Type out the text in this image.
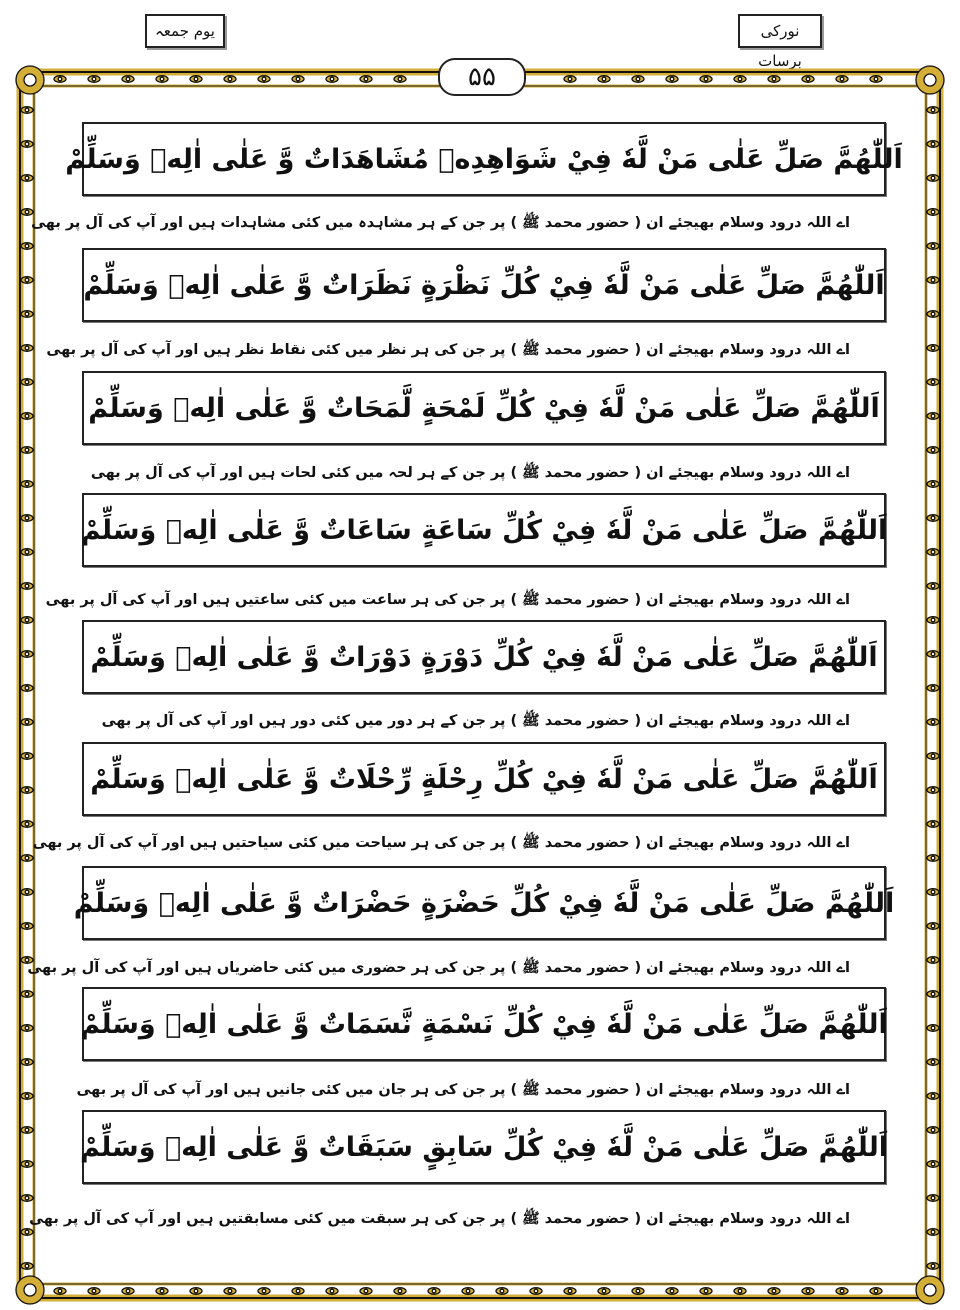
یوم جمعہ	نورکی برسات
۵۵
اَللّٰهُمَّ صَلِّ عَلٰى مَنْ لَّهٗ فِيْ شَوَاهِدِهٖ مُشَاهَدَاتٌ وَّ عَلٰى اٰلِهٖ وَسَلِّمْ
اے اللہ درود وسلام بھیجئے ان ( حضور محمد ﷺ ) پر جن کے ہر مشاہدہ میں کئی مشاہدات ہیں اور آپ کی آل پر بھی
اَللّٰهُمَّ صَلِّ عَلٰى مَنْ لَّهٗ فِيْ كُلِّ نَظْرَةٍ نَظَرَاتٌ وَّ عَلٰى اٰلِهٖ وَسَلِّمْ
اے اللہ درود وسلام بھیجئے ان ( حضور محمد ﷺ ) پر جن کی ہر نظر میں کئی نقاط نظر ہیں اور آپ کی آل پر بھی
اَللّٰهُمَّ صَلِّ عَلٰى مَنْ لَّهٗ فِيْ كُلِّ لَمْحَةٍ لَّمَحَاتٌ وَّ عَلٰى اٰلِهٖ وَسَلِّمْ
اے اللہ درود وسلام بھیجئے ان ( حضور محمد ﷺ ) پر جن کے ہر لحہ میں کئی لحات ہیں اور آپ کی آل پر بھی
اَللّٰهُمَّ صَلِّ عَلٰى مَنْ لَّهٗ فِيْ كُلِّ سَاعَةٍ سَاعَاتٌ وَّ عَلٰى اٰلِهٖ وَسَلِّمْ
اے اللہ درود وسلام بھیجئے ان ( حضور محمد ﷺ ) پر جن کی ہر ساعت میں کئی ساعتیں ہیں اور آپ کی آل پر بھی
اَللّٰهُمَّ صَلِّ عَلٰى مَنْ لَّهٗ فِيْ كُلِّ دَوْرَةٍ دَوْرَاتٌ وَّ عَلٰى اٰلِهٖ وَسَلِّمْ
اے اللہ درود وسلام بھیجئے ان ( حضور محمد ﷺ ) پر جن کے ہر دور میں کئی دور ہیں اور آپ کی آل پر بھی
اَللّٰهُمَّ صَلِّ عَلٰى مَنْ لَّهٗ فِيْ كُلِّ رِحْلَةٍ رِّحْلَاتٌ وَّ عَلٰى اٰلِهٖ وَسَلِّمْ
اے اللہ درود وسلام بھیجئے ان ( حضور محمد ﷺ ) پر جن کی ہر سیاحت میں کئی سیاحتیں ہیں اور آپ کی آل پر بھی
اَللّٰهُمَّ صَلِّ عَلٰى مَنْ لَّهٗ فِيْ كُلِّ حَضْرَةٍ حَضْرَاتٌ وَّ عَلٰى اٰلِهٖ وَسَلِّمْ
اے اللہ درود وسلام بھیجئے ان ( حضور محمد ﷺ ) پر جن کی ہر حضوری میں کئی حاضریاں ہیں اور آپ کی آل پر بھی
اَللّٰهُمَّ صَلِّ عَلٰى مَنْ لَّهٗ فِيْ كُلِّ نَسْمَةٍ نَّسَمَاتٌ وَّ عَلٰى اٰلِهٖ وَسَلِّمْ
اے اللہ درود وسلام بھیجئے ان ( حضور محمد ﷺ ) پر جن کی ہر جان میں کئی جانیں ہیں اور آپ کی آل پر بھی
اَللّٰهُمَّ صَلِّ عَلٰى مَنْ لَّهٗ فِيْ كُلِّ سَابِقٍ سَبَقَاتٌ وَّ عَلٰى اٰلِهٖ وَسَلِّمْ
اے اللہ درود وسلام بھیجئے ان ( حضور محمد ﷺ ) پر جن کی ہر سبقت میں کئی مسابقتیں ہیں اور آپ کی آل پر بھی
